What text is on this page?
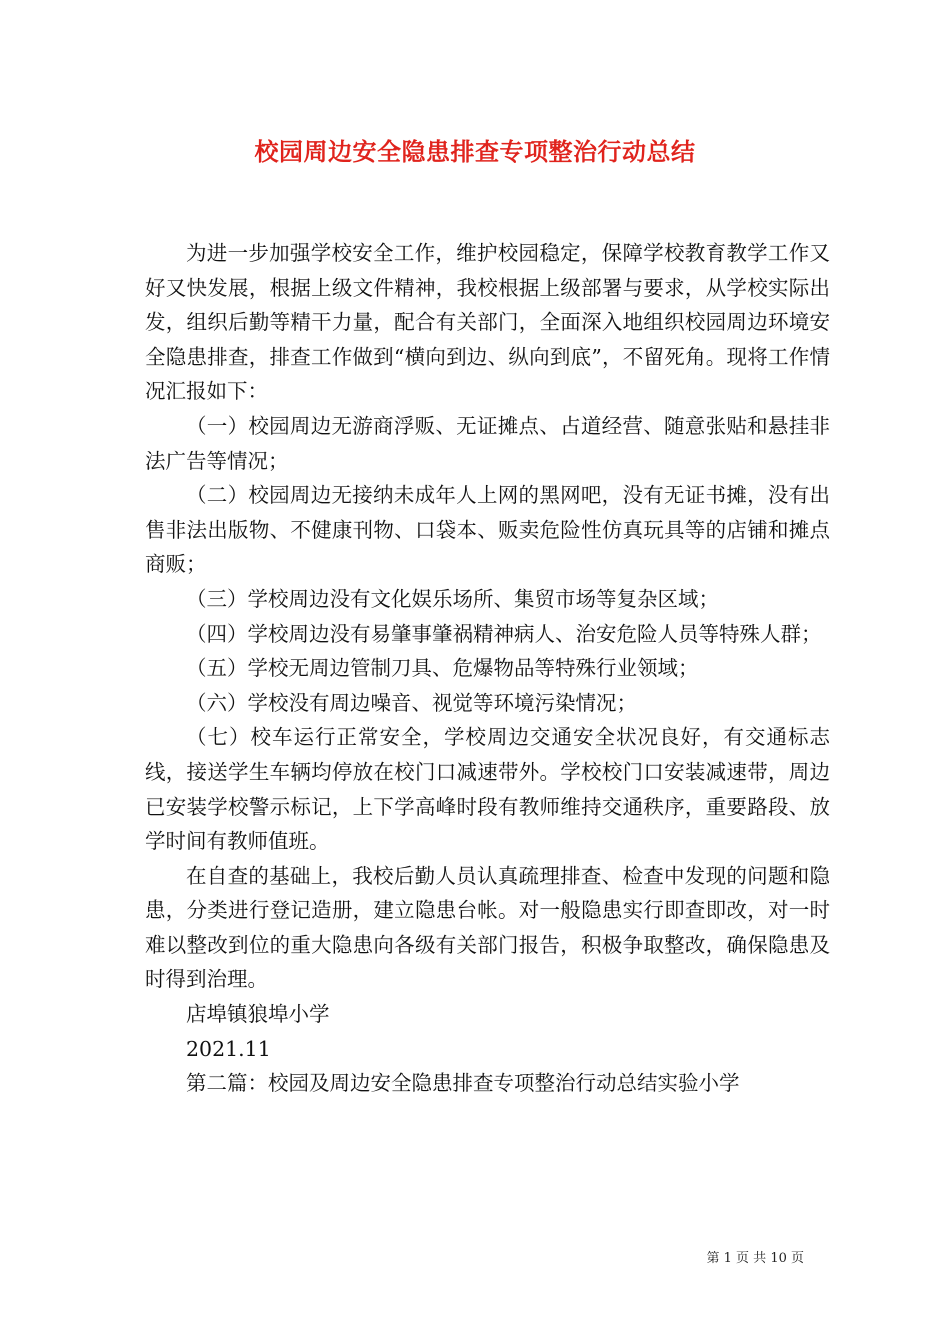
校园周边安全隐患排查专项整治行动总结

为进一步加强学校安全工作，维护校园稳定，保障学校教育教学工作又好又快发展，根据上级文件精神，我校根据上级部署与要求，从学校实际出发，组织后勤等精干力量，配合有关部门，全面深入地组织校园周边环境安全隐患排查，排查工作做到“横向到边、纵向到底”，不留死角。现将工作情况汇报如下：

（一）校园周边无游商浮贩、无证摊点、占道经营、随意张贴和悬挂非法广告等情况；

（二）校园周边无接纳未成年人上网的黑网吧，没有无证书摊，没有出售非法出版物、不健康刊物、口袋本、贩卖危险性仿真玩具等的店铺和摊点商贩；

（三）学校周边没有文化娱乐场所、集贸市场等复杂区域；

（四）学校周边没有易肇事肇祸精神病人、治安危险人员等特殊人群；

（五）学校无周边管制刀具、危爆物品等特殊行业领域；

（六）学校没有周边噪音、视觉等环境污染情况；

（七）校车运行正常安全，学校周边交通安全状况良好，有交通标志线，接送学生车辆均停放在校门口减速带外。学校校门口安装减速带，周边已安装学校警示标记，上下学高峰时段有教师维持交通秩序，重要路段、放学时间有教师值班。

在自查的基础上，我校后勤人员认真疏理排查、检查中发现的问题和隐患，分类进行登记造册，建立隐患台帐。对一般隐患实行即查即改，对一时难以整改到位的重大隐患向各级有关部门报告，积极争取整改，确保隐患及时得到治理。

店埠镇狼埠小学

2021.11

第二篇：校园及周边安全隐患排查专项整治行动总结实验小学

第 1 页 共 10 页
